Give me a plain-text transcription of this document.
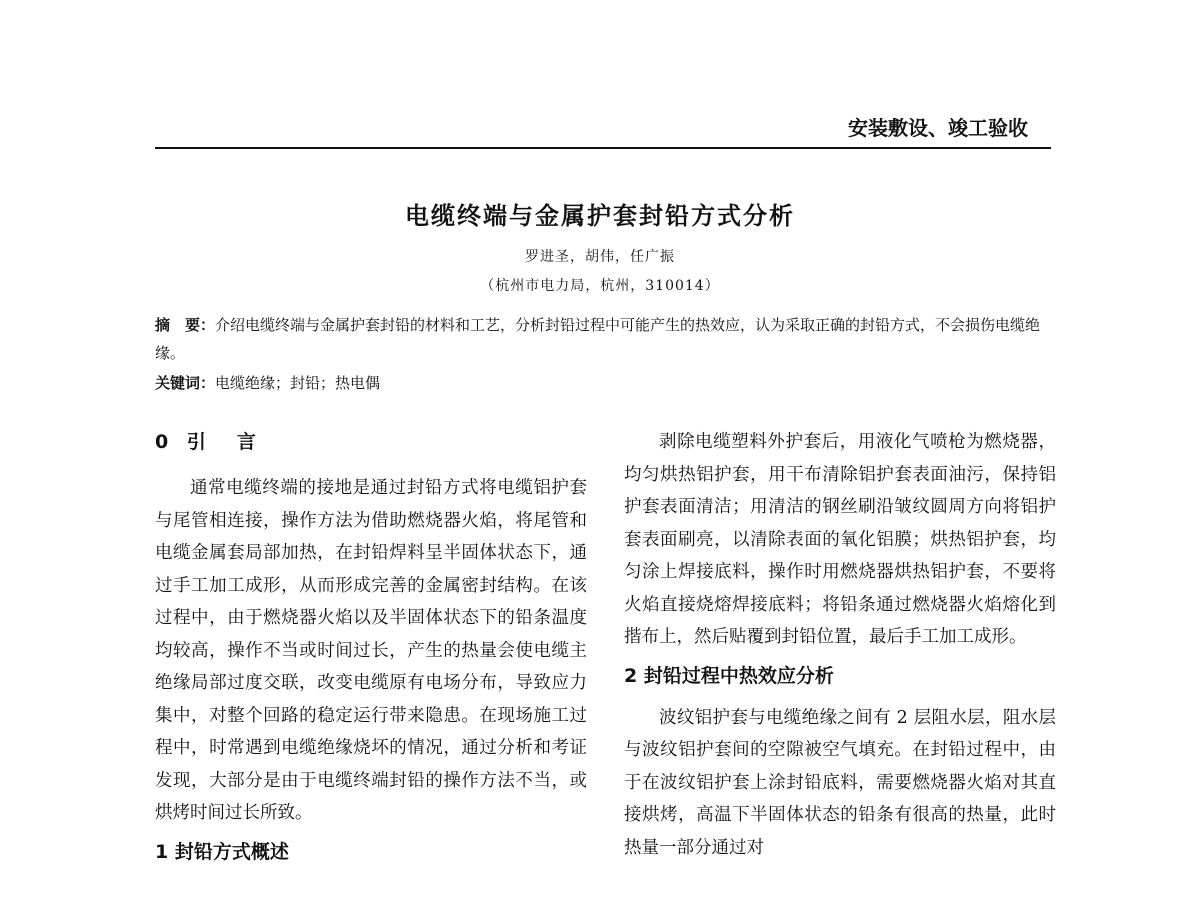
安装敷设、竣工验收
电缆终端与金属护套封铅方式分析
罗进圣，胡伟，任广振
（杭州市电力局，杭州，310014）
摘　要：介绍电缆终端与金属护套封铅的材料和工艺，分析封铅过程中可能产生的热效应，认为采取正确的封铅方式，不会损伤电缆绝缘。
关键词：电缆绝缘；封铅；热电偶
0 引　言

通常电缆终端的接地是通过封铅方式将电缆铝护套与尾管相连接，操作方法为借助燃烧器火焰，将尾管和电缆金属套局部加热，在封铅焊料呈半固体状态下，通过手工加工成形，从而形成完善的金属密封结构。在该过程中，由于燃烧器火焰以及半固体状态下的铅条温度均较高，操作不当或时间过长，产生的热量会使电缆主绝缘局部过度交联，改变电缆原有电场分布，导致应力集中，对整个回路的稳定运行带来隐患。在现场施工过程中，时常遇到电缆绝缘烧坏的情况，通过分析和考证发现，大部分是由于电缆终端封铅的操作方法不当，或烘烤时间过长所致。

1 封铅方式概述

剥除电缆塑料外护套后，用液化气喷枪为燃烧器，均匀烘热铝护套，用干布清除铝护套表面油污，保持铝护套表面清洁；用清洁的钢丝刷沿皱纹圆周方向将铝护套表面刷亮，以清除表面的氧化铝膜；烘热铝护套，均匀涂上焊接底料，操作时用燃烧器烘热铝护套，不要将火焰直接烧熔焊接底料；将铅条通过燃烧器火焰熔化到揩布上，然后贴覆到封铅位置，最后手工加工成形。

2 封铅过程中热效应分析

波纹铝护套与电缆绝缘之间有 2 层阻水层，阻水层与波纹铝护套间的空隙被空气填充。在封铅过程中，由于在波纹铝护套上涂封铅底料，需要燃烧器火焰对其直接烘烤，高温下半固体状态的铅条有很高的热量，此时热量一部分通过对
